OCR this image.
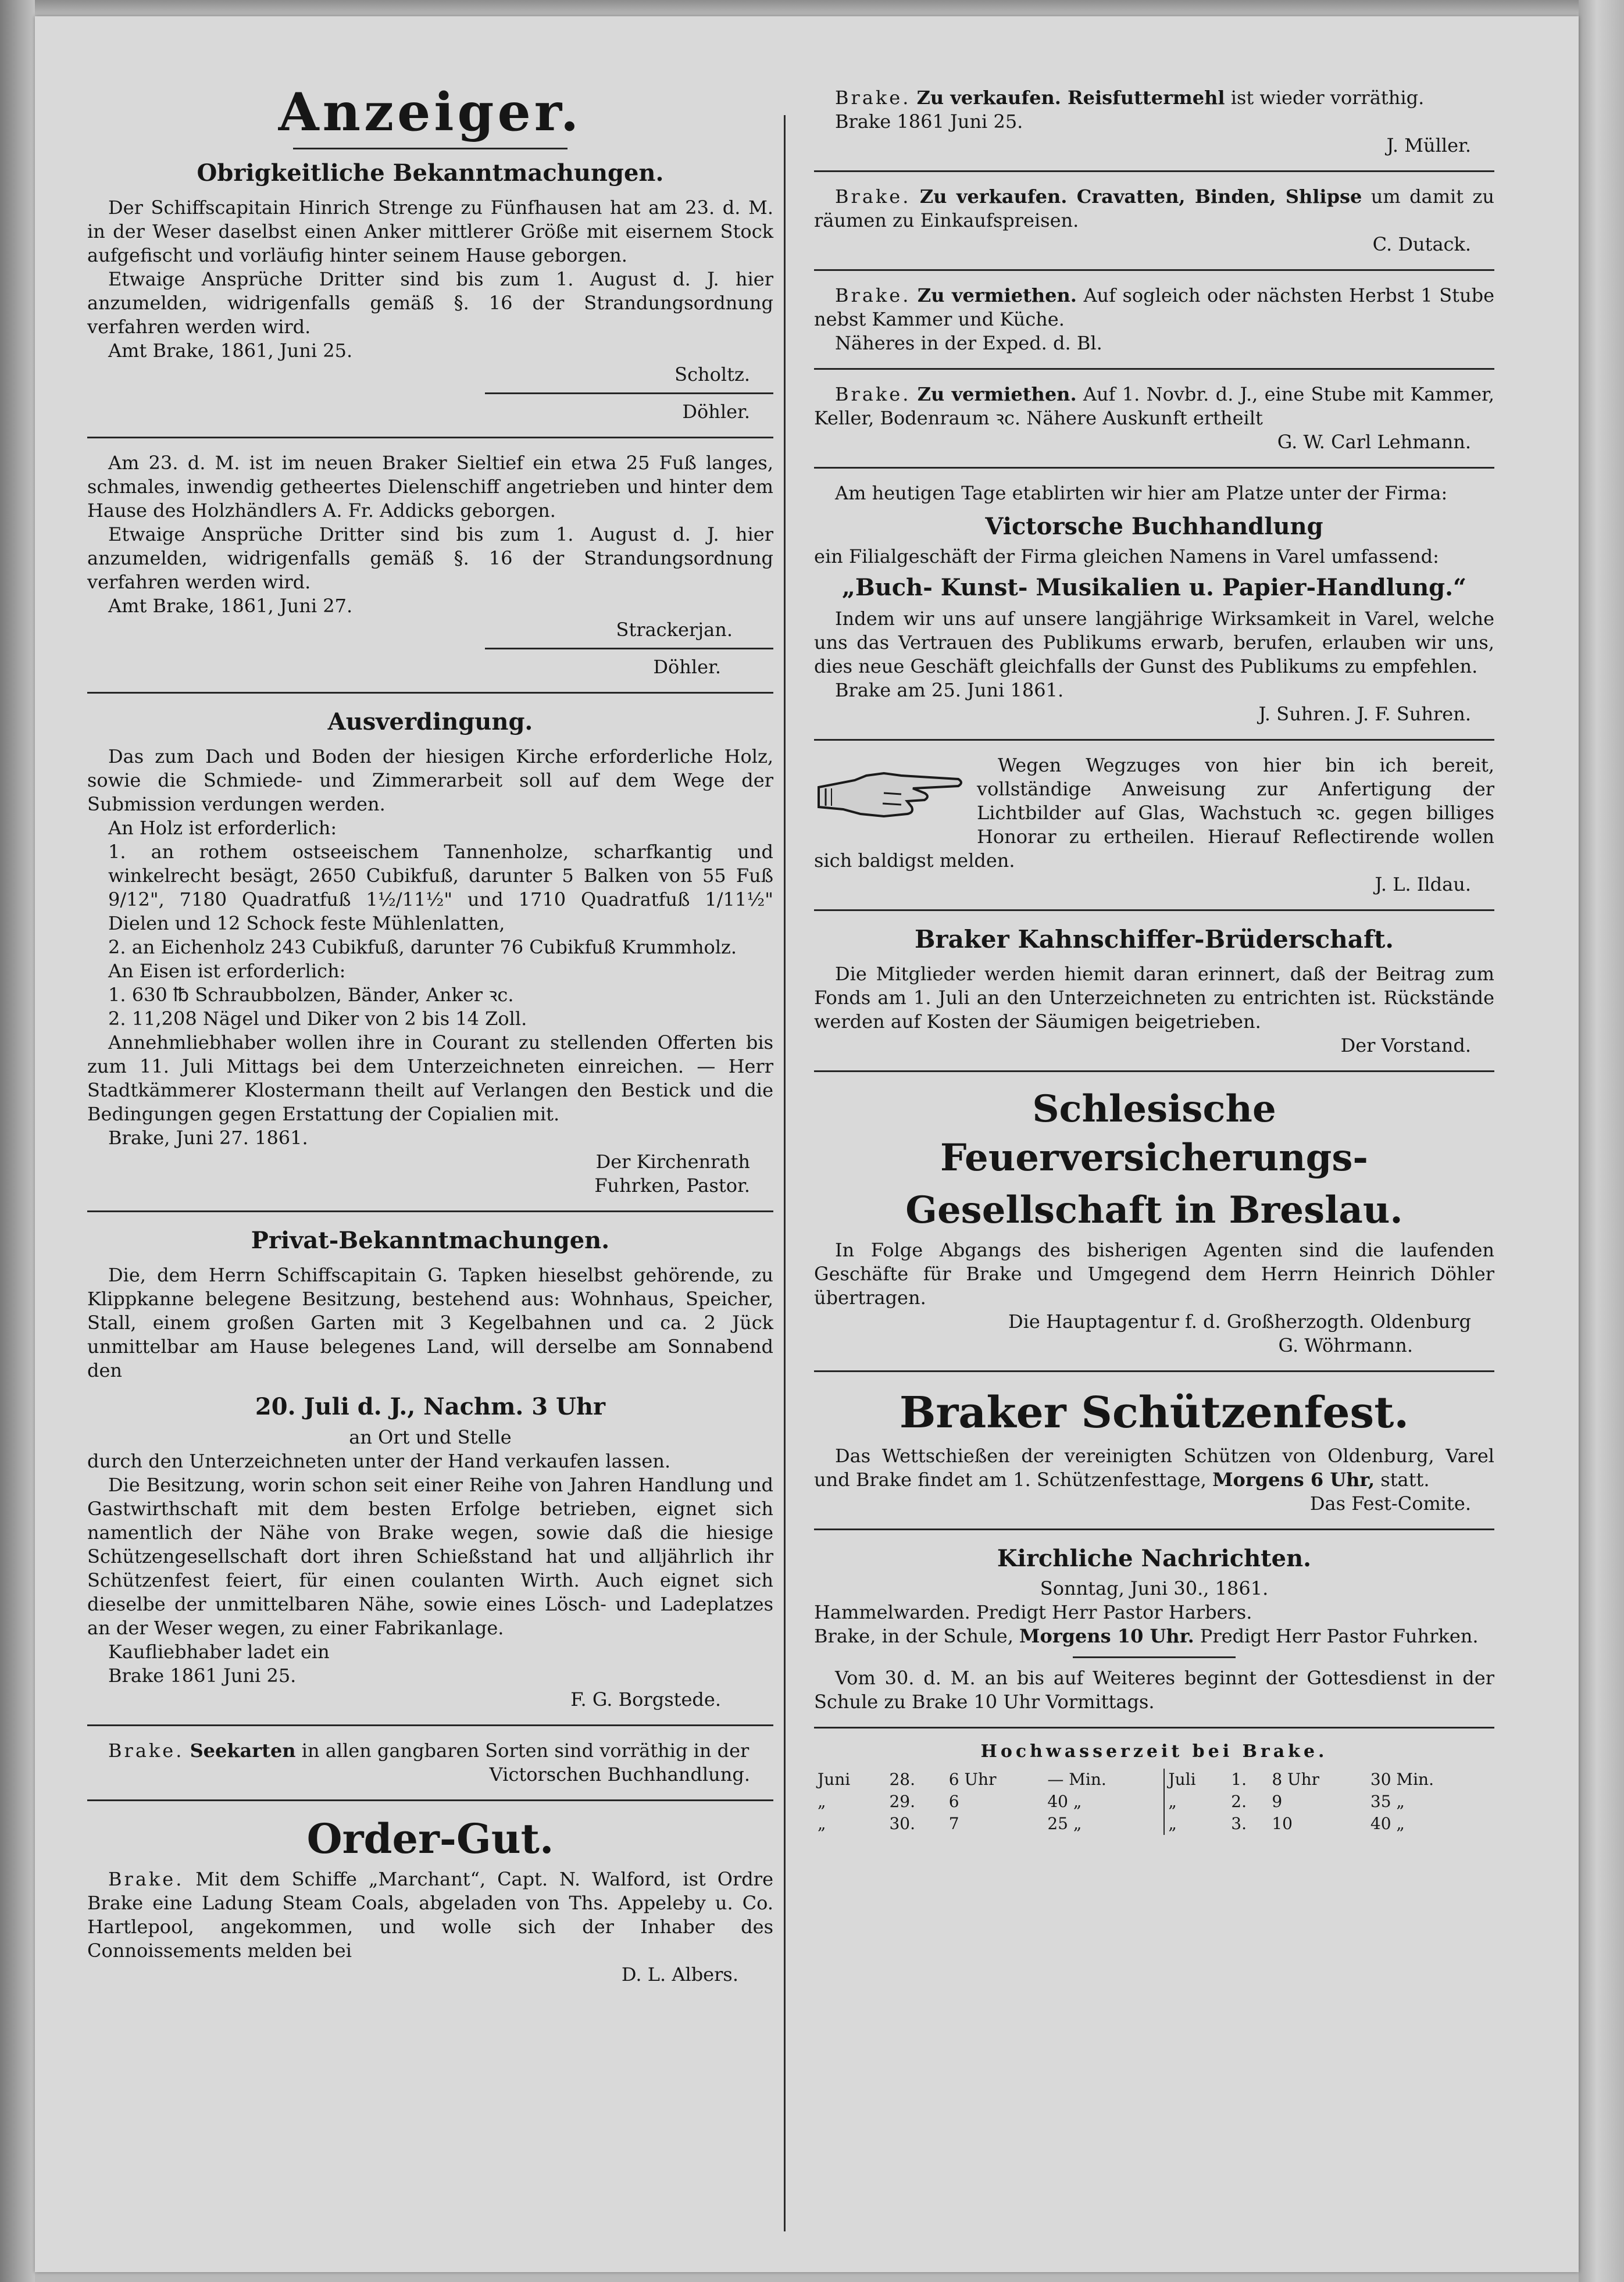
Anzeiger.
Obrigkeitliche Bekanntmachungen.

Der Schiffscapitain Hinrich Strenge zu Fünfhausen hat am 23. d. M. in der Weser daselbst einen Anker mittlerer Größe mit eisernem Stock aufgefischt und vorläufig hinter seinem Hause geborgen.

Etwaige Ansprüche Dritter sind bis zum 1. August d. J. hier anzumelden, widrigenfalls gemäß §. 16 der Strandungsordnung verfahren werden wird.

Amt Brake, 1861, Juni 25.

Scholtz.

Döhler.

Am 23. d. M. ist im neuen Braker Sieltief ein etwa 25 Fuß langes, schmales, inwendig getheertes Dielenschiff angetrieben und hinter dem Hause des Holzhändlers A. Fr. Addicks geborgen.

Etwaige Ansprüche Dritter sind bis zum 1. August d. J. hier anzumelden, widrigenfalls gemäß §. 16 der Strandungsordnung verfahren werden wird.

Amt Brake, 1861, Juni 27.

Strackerjan.

Döhler.

Ausverdingung.

Das zum Dach und Boden der hiesigen Kirche erforderliche Holz, sowie die Schmiede- und Zimmerarbeit soll auf dem Wege der Submission verdungen werden.

An Holz ist erforderlich:

1. an rothem ostseeischem Tannenholze, scharfkantig und winkelrecht besägt, 2650 Cubikfuß, darunter 5 Balken von 55 Fuß 9/12", 7180 Quadratfuß 1½/11½" und 1710 Quadratfuß 1/11½" Dielen und 12 Schock feste Mühlenlatten,

2. an Eichenholz 243 Cubikfuß, darunter 76 Cubikfuß Krummholz.

An Eisen ist erforderlich:

1. 630 ℔ Schraubbolzen, Bänder, Anker ꝛc.

2. 11,208 Nägel und Diker von 2 bis 14 Zoll.

Annehmliebhaber wollen ihre in Courant zu stellenden Offerten bis zum 11. Juli Mittags bei dem Unterzeichneten einreichen. — Herr Stadtkämmerer Klostermann theilt auf Verlangen den Bestick und die Bedingungen gegen Erstattung der Copialien mit.

Brake, Juni 27. 1861.

Der Kirchenrath

Fuhrken, Pastor.

Privat-Bekanntmachungen.

Die, dem Herrn Schiffscapitain G. Tapken hieselbst gehörende, zu Klippkanne belegene Besitzung, bestehend aus: Wohnhaus, Speicher, Stall, einem großen Garten mit 3 Kegelbahnen und ca. 2 Jück unmittelbar am Hause belegenes Land, will derselbe am Sonnabend den

20. Juli d. J., Nachm. 3 Uhr

an Ort und Stelle

durch den Unterzeichneten unter der Hand verkaufen lassen.

Die Besitzung, worin schon seit einer Reihe von Jahren Handlung und Gastwirthschaft mit dem besten Erfolge betrieben, eignet sich namentlich der Nähe von Brake wegen, sowie daß die hiesige Schützengesellschaft dort ihren Schießstand hat und alljährlich ihr Schützenfest feiert, für einen coulanten Wirth. Auch eignet sich dieselbe der unmittelbaren Nähe, sowie eines Lösch- und Ladeplatzes an der Weser wegen, zu einer Fabrikanlage.

Kaufliebhaber ladet ein

Brake 1861 Juni 25.

F. G. Borgstede.

Brake. Seekarten in allen gangbaren Sorten sind vorräthig in der

Victorschen Buchhandlung.

Order-Gut.

Brake. Mit dem Schiffe „Marchant“, Capt. N. Walford, ist Ordre Brake eine Ladung Steam Coals, abgeladen von Ths. Appeleby u. Co. Hartlepool, angekommen, und wolle sich der Inhaber des Connoissements melden bei

D. L. Albers.

Brake. Zu verkaufen. Reisfuttermehl ist wieder vorräthig.

Brake 1861 Juni 25.

J. Müller.

Brake. Zu verkaufen. Cravatten, Binden, Shlipse um damit zu räumen zu Einkaufspreisen.

C. Dutack.

Brake. Zu vermiethen. Auf sogleich oder nächsten Herbst 1 Stube nebst Kammer und Küche.

Näheres in der Exped. d. Bl.

Brake. Zu vermiethen. Auf 1. Novbr. d. J., eine Stube mit Kammer, Keller, Bodenraum ꝛc. Nähere Auskunft ertheilt

G. W. Carl Lehmann.

Am heutigen Tage etablirten wir hier am Platze unter der Firma:

Victorsche Buchhandlung

ein Filialgeschäft der Firma gleichen Namens in Varel umfassend:

„Buch- Kunst- Musikalien u. Papier-Handlung.“

Indem wir uns auf unsere langjährige Wirksamkeit in Varel, welche uns das Vertrauen des Publikums erwarb, berufen, erlauben wir uns, dies neue Geschäft gleichfalls der Gunst des Publikums zu empfehlen.

Brake am 25. Juni 1861.

J. Suhren. J. F. Suhren.

Wegen Wegzuges von hier bin ich bereit, vollständige Anweisung zur Anfertigung der Lichtbilder auf Glas, Wachstuch ꝛc. gegen billiges Honorar zu ertheilen. Hierauf Reflectirende wollen sich baldigst melden.

J. L. Ildau.

Braker Kahnschiffer-Brüderschaft.

Die Mitglieder werden hiemit daran erinnert, daß der Beitrag zum Fonds am 1. Juli an den Unterzeichneten zu entrichten ist. Rückstände werden auf Kosten der Säumigen beigetrieben.

Der Vorstand.

Schlesische Feuerversicherungs-
Gesellschaft in Breslau.

In Folge Abgangs des bisherigen Agenten sind die laufenden Geschäfte für Brake und Umgegend dem Herrn Heinrich Döhler übertragen.

Die Hauptagentur f. d. Großherzogth. Oldenburg

G. Wöhrmann.

Braker Schützenfest.

Das Wettschießen der vereinigten Schützen von Oldenburg, Varel und Brake findet am 1. Schützenfesttage, Morgens 6 Uhr, statt.

Das Fest-Comite.

Kirchliche Nachrichten.

Sonntag, Juni 30., 1861.

Hammelwarden. Predigt Herr Pastor Harbers.

Brake, in der Schule, Morgens 10 Uhr. Predigt Herr Pastor Fuhrken.

Vom 30. d. M. an bis auf Weiteres beginnt der Gottesdienst in der Schule zu Brake 10 Uhr Vormittags.

Hochwasserzeit bei Brake.
Juni	28.	6 Uhr	— Min.	Juli	1.	8 Uhr	30 Min.
„	29.	6	40 „	„	2.	9	35 „
„	30.	7	25 „	„	3.	10	40 „
